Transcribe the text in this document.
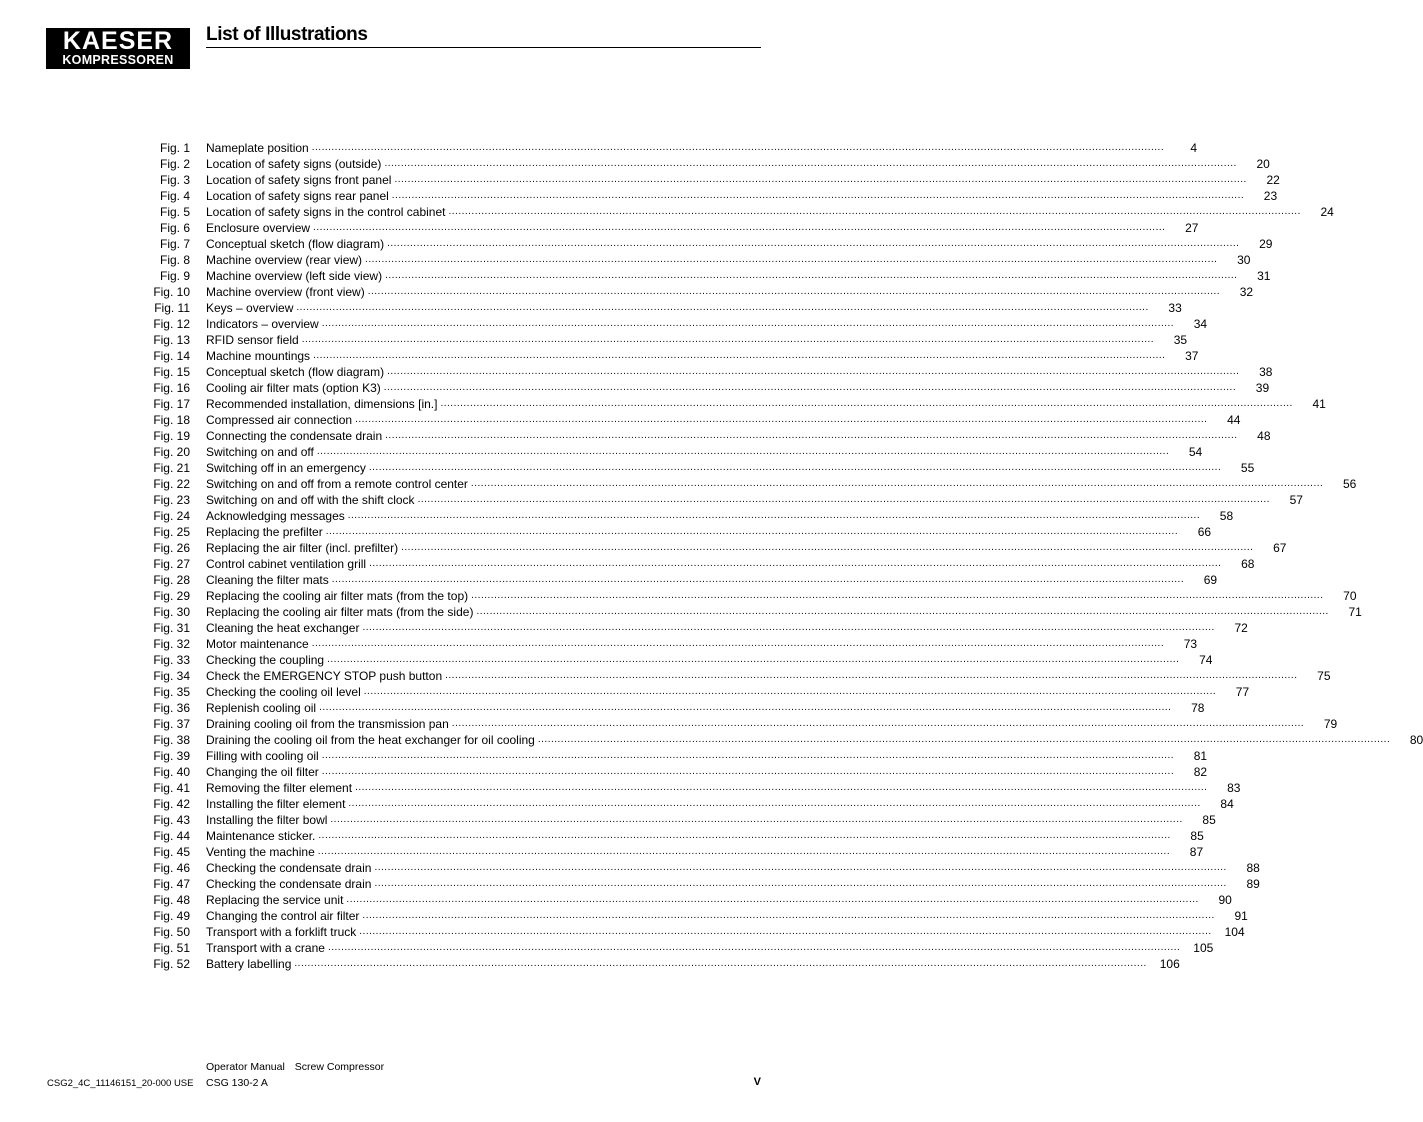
KAESER
KOMPRESSOREN
List of Illustrations
Fig. 1 Nameplate position ....................................................................................................................................................................................................................................................................	4
Fig. 2 Location of safety signs (outside) ....................................................................................................................................................................................................................................................................	20
Fig. 3 Location of safety signs front panel ....................................................................................................................................................................................................................................................................	22
Fig. 4 Location of safety signs rear panel ....................................................................................................................................................................................................................................................................	23
Fig. 5 Location of safety signs in the control cabinet ....................................................................................................................................................................................................................................................................	24
Fig. 6 Enclosure overview ....................................................................................................................................................................................................................................................................	27
Fig. 7 Conceptual sketch (flow diagram) ....................................................................................................................................................................................................................................................................	29
Fig. 8 Machine overview (rear view) ....................................................................................................................................................................................................................................................................	30
Fig. 9 Machine overview (left side view) ....................................................................................................................................................................................................................................................................	31
Fig. 10 Machine overview (front view) ....................................................................................................................................................................................................................................................................	32
Fig. 11 Keys – overview ....................................................................................................................................................................................................................................................................	33
Fig. 12 Indicators – overview ....................................................................................................................................................................................................................................................................	34
Fig. 13 RFID sensor field ....................................................................................................................................................................................................................................................................	35
Fig. 14 Machine mountings ....................................................................................................................................................................................................................................................................	37
Fig. 15 Conceptual sketch (flow diagram) ....................................................................................................................................................................................................................................................................	38
Fig. 16 Cooling air filter mats (option K3) ....................................................................................................................................................................................................................................................................	39
Fig. 17 Recommended installation, dimensions [in.] ....................................................................................................................................................................................................................................................................	41
Fig. 18 Compressed air connection ....................................................................................................................................................................................................................................................................	44
Fig. 19 Connecting the condensate drain ....................................................................................................................................................................................................................................................................	48
Fig. 20 Switching on and off ....................................................................................................................................................................................................................................................................	54
Fig. 21 Switching off in an emergency ....................................................................................................................................................................................................................................................................	55
Fig. 22 Switching on and off from a remote control center ....................................................................................................................................................................................................................................................................	56
Fig. 23 Switching on and off with the shift clock ....................................................................................................................................................................................................................................................................	57
Fig. 24 Acknowledging messages ....................................................................................................................................................................................................................................................................	58
Fig. 25 Replacing the prefilter ....................................................................................................................................................................................................................................................................	66
Fig. 26 Replacing the air filter (incl. prefilter) ....................................................................................................................................................................................................................................................................	67
Fig. 27 Control cabinet ventilation grill ....................................................................................................................................................................................................................................................................	68
Fig. 28 Cleaning the filter mats ....................................................................................................................................................................................................................................................................	69
Fig. 29 Replacing the cooling air filter mats (from the top) ....................................................................................................................................................................................................................................................................	70
Fig. 30 Replacing the cooling air filter mats (from the side) ....................................................................................................................................................................................................................................................................	71
Fig. 31 Cleaning the heat exchanger ....................................................................................................................................................................................................................................................................	72
Fig. 32 Motor maintenance ....................................................................................................................................................................................................................................................................	73
Fig. 33 Checking the coupling ....................................................................................................................................................................................................................................................................	74
Fig. 34 Check the EMERGENCY STOP push button ....................................................................................................................................................................................................................................................................	75
Fig. 35 Checking the cooling oil level ....................................................................................................................................................................................................................................................................	77
Fig. 36 Replenish cooling oil ....................................................................................................................................................................................................................................................................	78
Fig. 37 Draining cooling oil from the transmission pan ....................................................................................................................................................................................................................................................................	79
Fig. 38 Draining the cooling oil from the heat exchanger for oil cooling ....................................................................................................................................................................................................................................................................	80
Fig. 39 Filling with cooling oil ....................................................................................................................................................................................................................................................................	81
Fig. 40 Changing the oil filter ....................................................................................................................................................................................................................................................................	82
Fig. 41 Removing the filter element ....................................................................................................................................................................................................................................................................	83
Fig. 42 Installing the filter element ....................................................................................................................................................................................................................................................................	84
Fig. 43 Installing the filter bowl ....................................................................................................................................................................................................................................................................	85
Fig. 44 Maintenance sticker. ....................................................................................................................................................................................................................................................................	85
Fig. 45 Venting the machine ....................................................................................................................................................................................................................................................................	87
Fig. 46 Checking the condensate drain ....................................................................................................................................................................................................................................................................	88
Fig. 47 Checking the condensate drain ....................................................................................................................................................................................................................................................................	89
Fig. 48 Replacing the service unit ....................................................................................................................................................................................................................................................................	90
Fig. 49 Changing the control air filter ....................................................................................................................................................................................................................................................................	91
Fig. 50 Transport with a forklift truck ....................................................................................................................................................................................................................................................................	104
Fig. 51 Transport with a crane ....................................................................................................................................................................................................................................................................	105
Fig. 52 Battery labelling ....................................................................................................................................................................................................................................................................	106
Operator Manual Screw Compressor
CSG 130-2 A
CSG2_4C_11146151_20-000 USE	V
